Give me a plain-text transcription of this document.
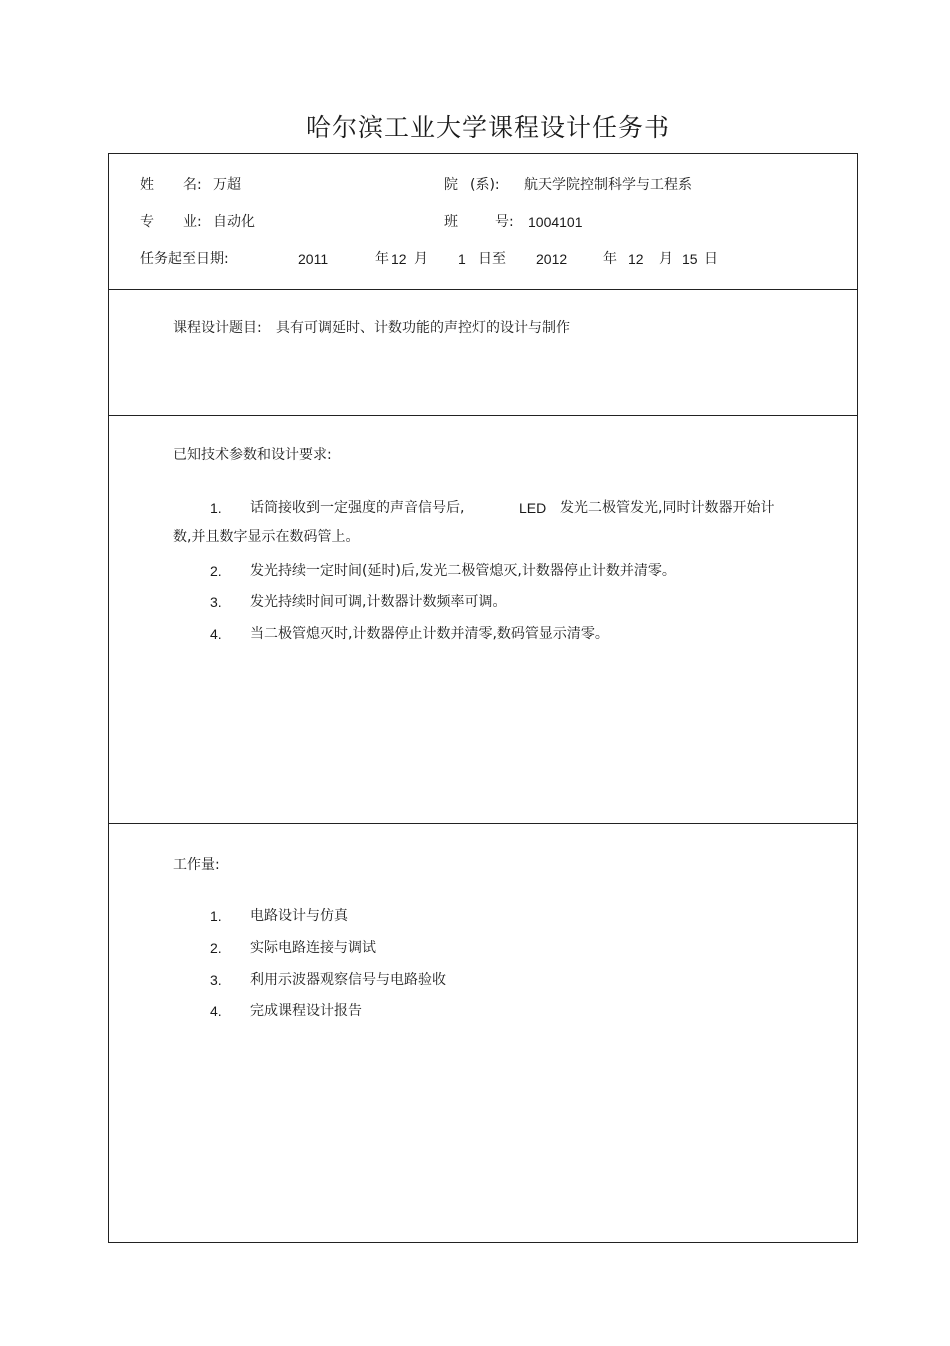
哈尔滨工业大学课程设计任务书
姓 名: 万超	院 (系): 航天学院控制科学与工程系
专 业: 自动化	班	号: 1004101
任务起至日期:	2011	年 12 月 1 日至 2012	年 12 月 15 日
课程设计题目: 具有可调延时、计数功能的声控灯的设计与制作
已知技术参数和设计要求:
1. 话筒接收到一定强度的声音信号后,	LED 发光二极管发光,同时计数器开始计
数,并且数字显示在数码管上。
2. 发光持续一定时间(延时)后,发光二极管熄灭,计数器停止计数并清零。
3. 发光持续时间可调,计数器计数频率可调。
4. 当二极管熄灭时,计数器停止计数并清零,数码管显示清零。
工作量:
1. 电路设计与仿真
2. 实际电路连接与调试
3. 利用示波器观察信号与电路验收
4. 完成课程设计报告
